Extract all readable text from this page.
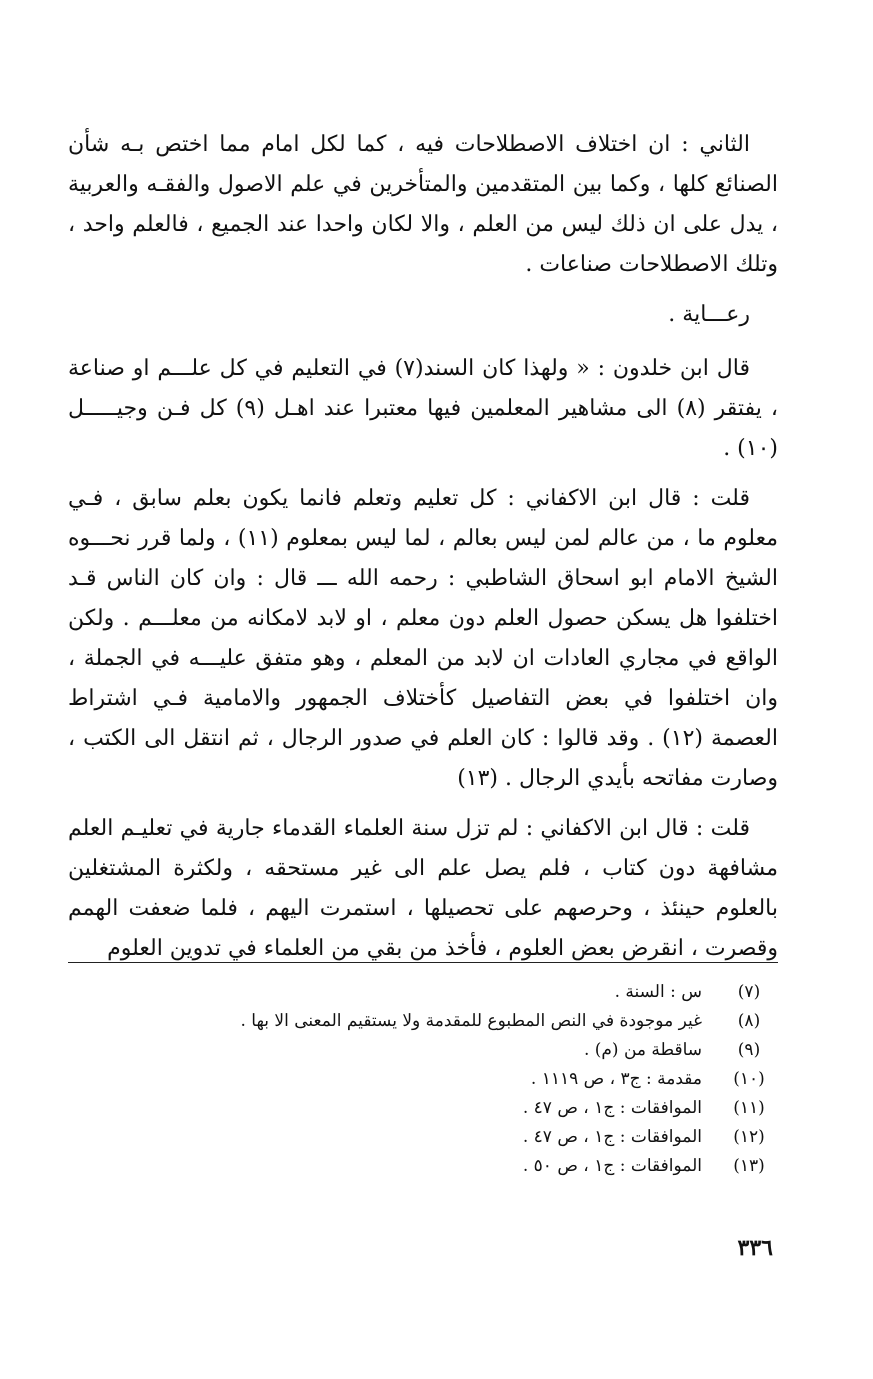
الثاني : ان اختلاف الاصطلاحات فيه ، كما لكل امام مما اختص بـه شأن الصنائع كلها ، وكما بين المتقدمين والمتأخرين في علم الاصول والفقـه والعربية ، يدل على ان ذلك ليس من العلم ، والا لكان واحدا عند الجميع ، فالعلم واحد ، وتلك الاصطلاحات صناعات .

رعـــاية .

قال ابن خلدون : « ولهذا كان السند(٧) في التعليم في كل علـــم او صناعة ، يفتقر (٨) الى مشاهير المعلمين فيها معتبرا عند اهـل (٩) كل فـن وجيـــــل (١٠) .

قلت : قال ابن الاكفاني : كل تعليم وتعلم فانما يكون بعلم سابق ، فـي معلوم ما ، من عالم لمن ليس بعالم ، لما ليس بمعلوم (١١) ، ولما قرر نحـــوه الشيخ الامام ابو اسحاق الشاطبي : رحمه الله ـــ قال : وان كان الناس قـد اختلفوا هل يسكن حصول العلم دون معلم ، او لابد لامكانه من معلـــم . ولكن الواقع في مجاري العادات ان لابد من المعلم ، وهو متفق عليـــه في الجملة ، وان اختلفوا في بعض التفاصيل كأختلاف الجمهور والامامية فـي اشتراط العصمة (١٢) . وقد قالوا : كان العلم في صدور الرجال ، ثم انتقل الى الكتب ، وصارت مفاتحه بأيدي الرجال . (١٣)

قلت : قال ابن الاكفاني : لم تزل سنة العلماء القدماء جارية في تعليـم العلم مشافهة دون كتاب ، فلم يصل علم الى غير مستحقه ، ولكثرة المشتغلين بالعلوم حينئذ ، وحرصهم على تحصيلها ، استمرت اليهم ، فلما ضعفت الهمم وقصرت ، انقرض بعض العلوم ، فأخذ من بقي من العلماء في تدوين العلوم

(٧)
س : السنة .
(٨)
غير موجودة في النص المطبوع للمقدمة ولا يستقيم المعنى الا بها .
(٩)
ساقطة من (م) .
(١٠)
مقدمة : ج٣ ، ص ١١١٩ .
(١١)
الموافقات : ج١ ، ص ٤٧ .
(١٢)
الموافقات : ج١ ، ص ٤٧ .
(١٣)
الموافقات : ج١ ، ص ٥٠ .
٣٣٦
